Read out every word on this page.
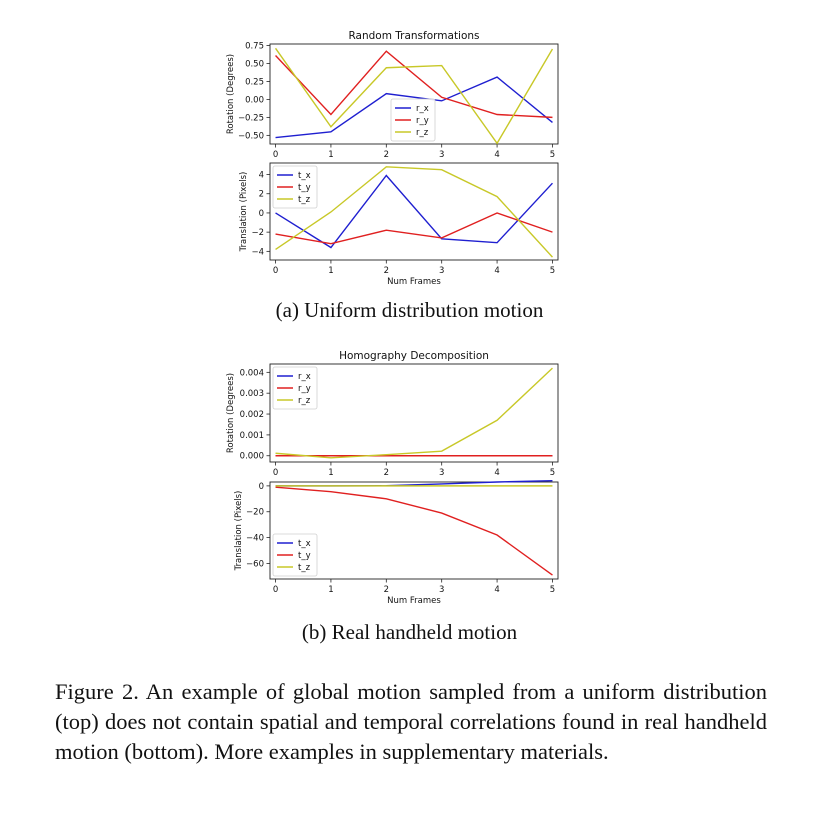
Random Transformations
0	1	2	3	4	5
0.75
0.50
0.25
0.00
−0.25
−0.50
Rotation (Degrees)	r_x
r_y
r_z
0	1	2	3	4	5
4
2
0
−2
−4
Translation (Pixels)
Num Frames
t_x
t_y
t_z
Homography Decomposition
0	1	2	3	4	5
0.004
0.003
0.002
0.001
0.000
Rotation (Degrees)	r_x
r_y
r_z
0	1	2	3	4	5
0
−20
−40
−60
Translation (Pixels)
Num Frames
t_x
t_y
t_z
(a) Uniform distribution motion
(b) Real handheld motion

Figure 2. An example of global motion sampled from a uniform distribution (top) does not contain spatial and temporal correlations found in real handheld motion (bottom). More examples in supplementary materials.
